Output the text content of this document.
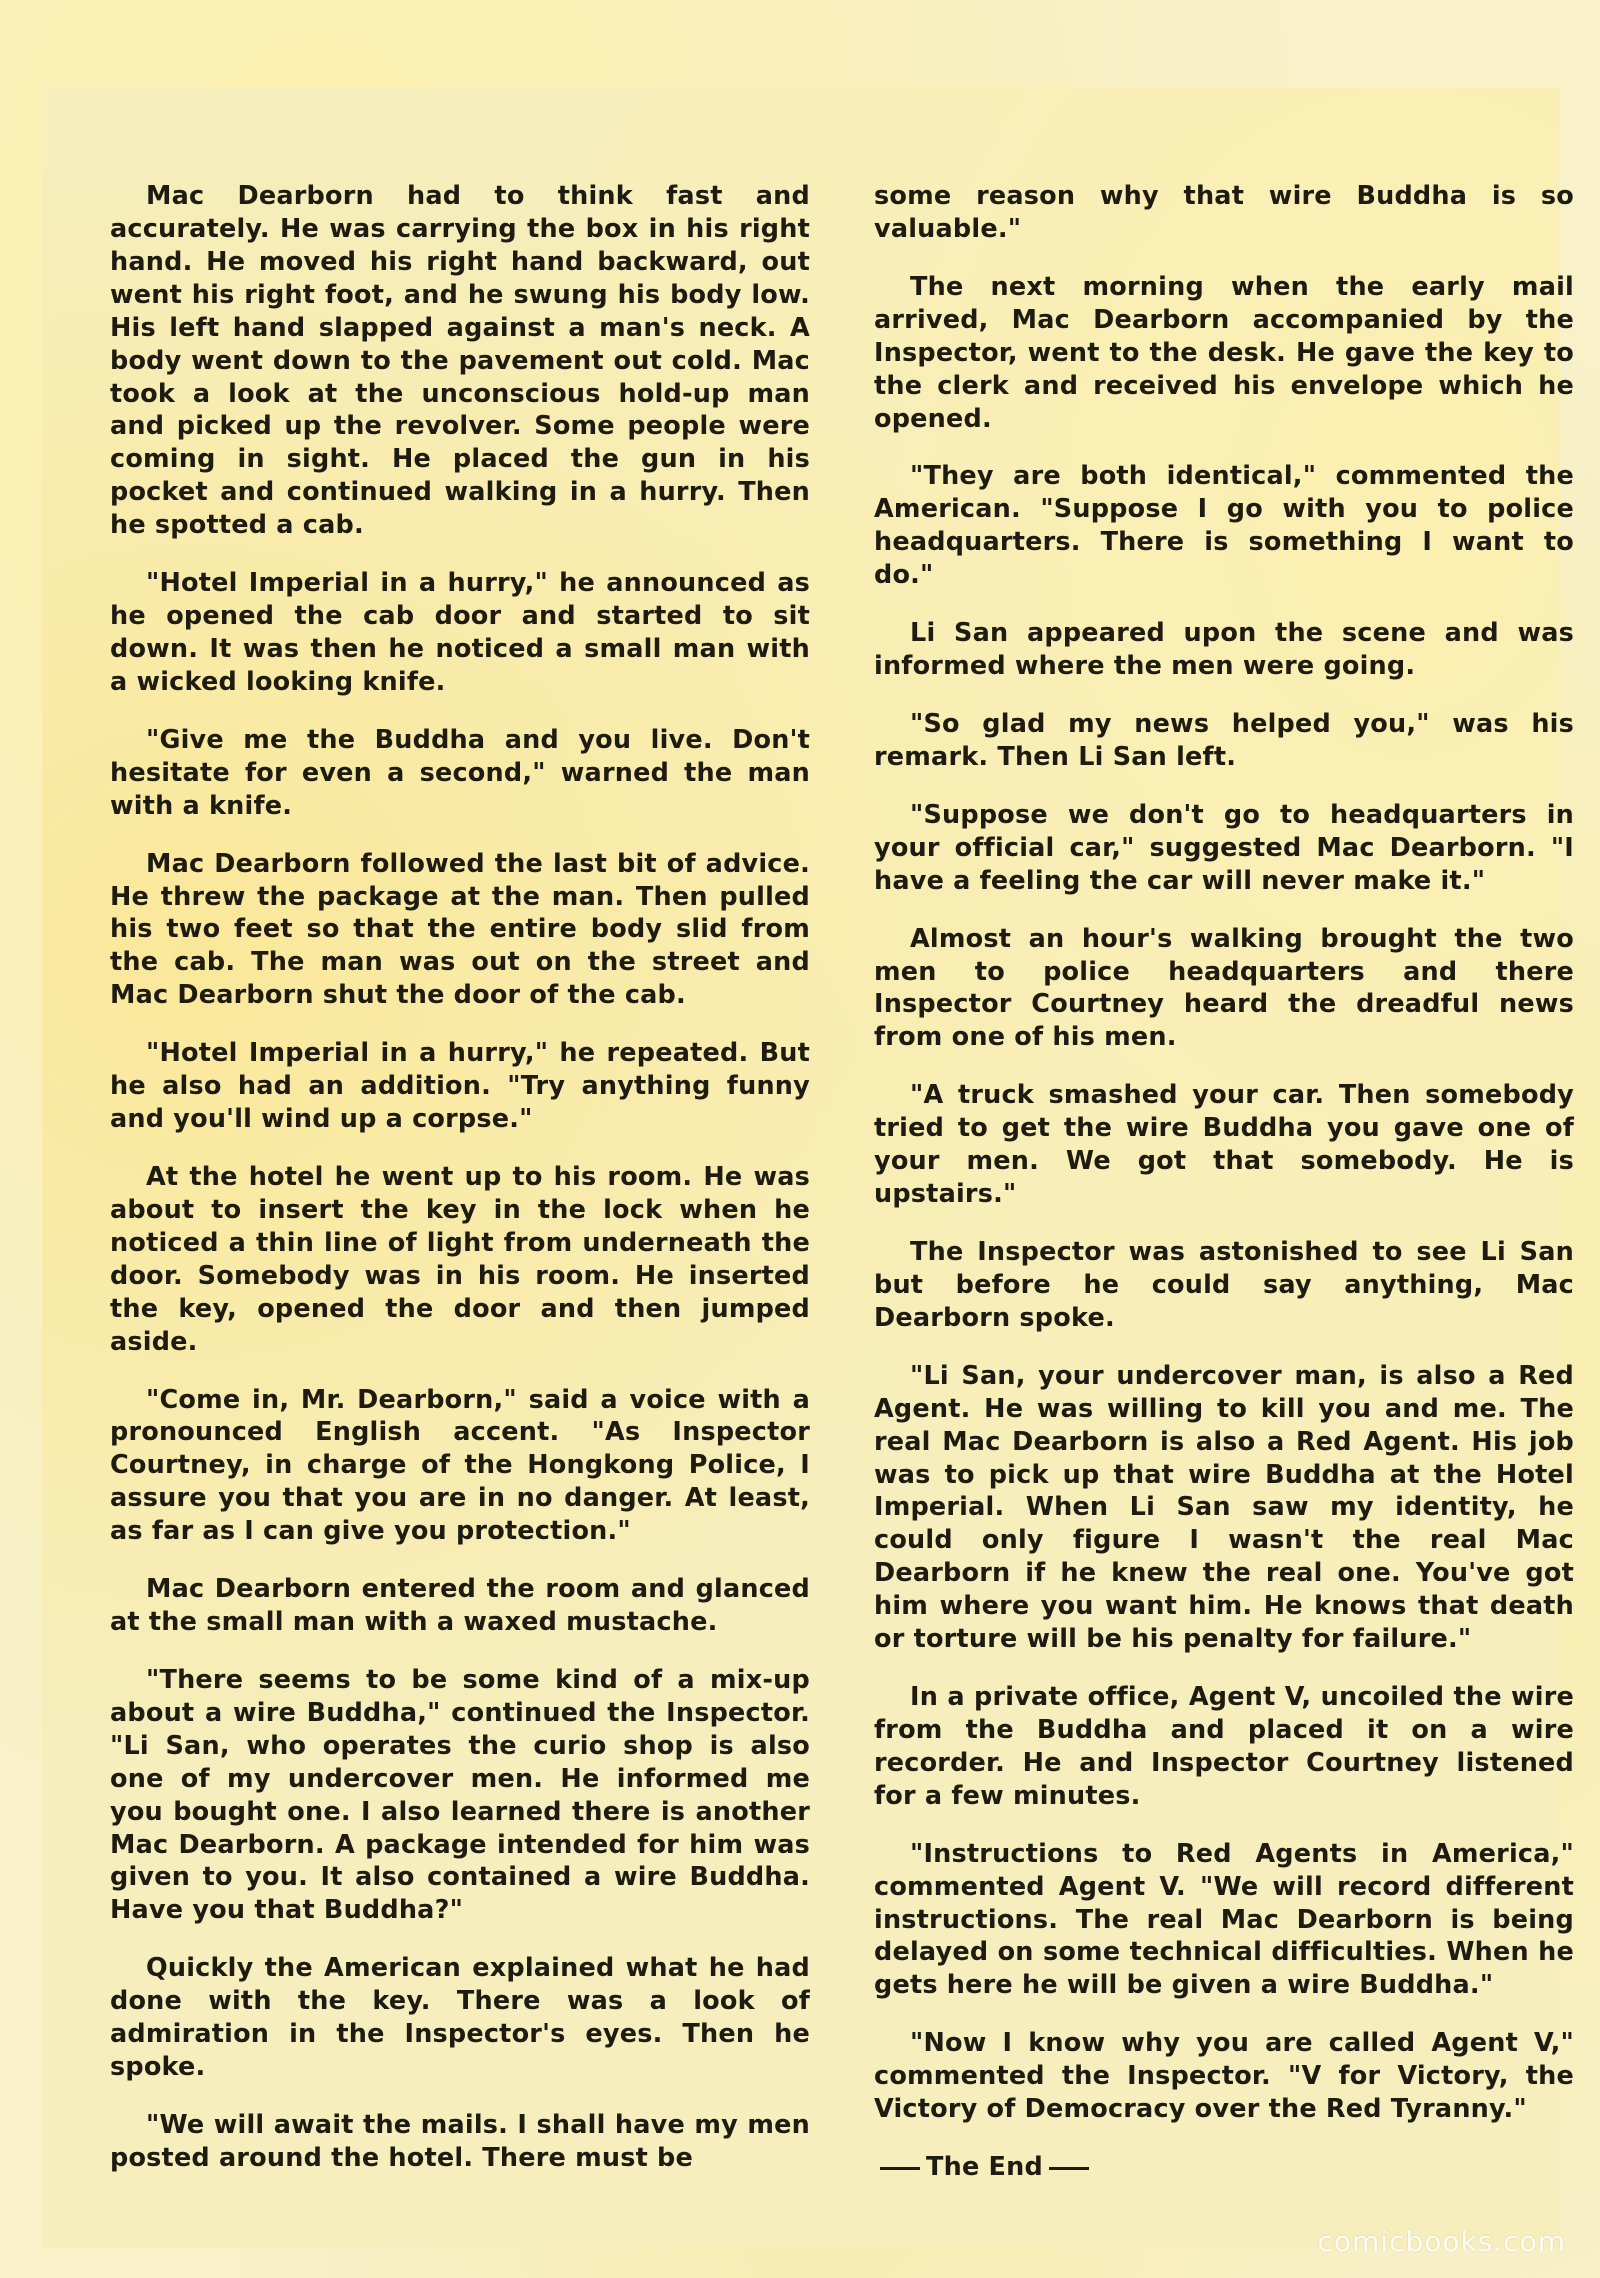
Mac Dearborn had to think fast and accurately. He was carrying the box in his right hand. He moved his right hand backward, out went his right foot, and he swung his body low. His left hand slapped against a man's neck. A body went down to the pavement out cold. Mac took a look at the unconscious hold-up man and picked up the revolver. Some people were coming in sight. He placed the gun in his pocket and continued walking in a hurry. Then he spotted a cab.

"Hotel Imperial in a hurry," he announced as he opened the cab door and started to sit down. It was then he noticed a small man with a wicked looking knife.

"Give me the Buddha and you live. Don't hesitate for even a second," warned the man with a knife.

Mac Dearborn followed the last bit of advice. He threw the package at the man. Then pulled his two feet so that the entire body slid from the cab. The man was out on the street and Mac Dearborn shut the door of the cab.

"Hotel Imperial in a hurry," he repeated. But he also had an addition. "Try anything funny and you'll wind up a corpse."

At the hotel he went up to his room. He was about to insert the key in the lock when he noticed a thin line of light from underneath the door. Somebody was in his room. He inserted the key, opened the door and then jumped aside.

"Come in, Mr. Dearborn," said a voice with a pronounced English accent. "As Inspector Courtney, in charge of the Hongkong Police, I assure you that you are in no danger. At least, as far as I can give you protection."

Mac Dearborn entered the room and glanced at the small man with a waxed mustache.

"There seems to be some kind of a mix-up about a wire Buddha," continued the Inspector. "Li San, who operates the curio shop is also one of my undercover men. He informed me you bought one. I also learned there is another Mac Dearborn. A package intended for him was given to you. It also contained a wire Buddha. Have you that Buddha?"

Quickly the American explained what he had done with the key. There was a look of admiration in the Inspector's eyes. Then he spoke.

"We will await the mails. I shall have my men posted around the hotel. There must be

some reason why that wire Buddha is so valuable."

The next morning when the early mail arrived, Mac Dearborn accompanied by the Inspector, went to the desk. He gave the key to the clerk and received his envelope which he opened.

"They are both identical," commented the American. "Suppose I go with you to police headquarters. There is something I want to do."

Li San appeared upon the scene and was informed where the men were going.

"So glad my news helped you," was his remark. Then Li San left.

"Suppose we don't go to headquarters in your official car," suggested Mac Dearborn. "I have a feeling the car will never make it."

Almost an hour's walking brought the two men to police headquarters and there Inspector Courtney heard the dreadful news from one of his men.

"A truck smashed your car. Then somebody tried to get the wire Buddha you gave one of your men. We got that somebody. He is upstairs."

The Inspector was astonished to see Li San but before he could say anything, Mac Dearborn spoke.

"Li San, your undercover man, is also a Red Agent. He was willing to kill you and me. The real Mac Dearborn is also a Red Agent. His job was to pick up that wire Buddha at the Hotel Imperial. When Li San saw my identity, he could only figure I wasn't the real Mac Dearborn if he knew the real one. You've got him where you want him. He knows that death or torture will be his penalty for failure."

In a private office, Agent V, uncoiled the wire from the Buddha and placed it on a wire recorder. He and Inspector Courtney listened for a few minutes.

"Instructions to Red Agents in America," commented Agent V. "We will record different instructions. The real Mac Dearborn is being delayed on some technical difficulties. When he gets here he will be given a wire Buddha."

"Now I know why you are called Agent V," commented the Inspector. "V for Victory, the Victory of Democracy over the Red Tyranny."

The End

comicbooks.com
